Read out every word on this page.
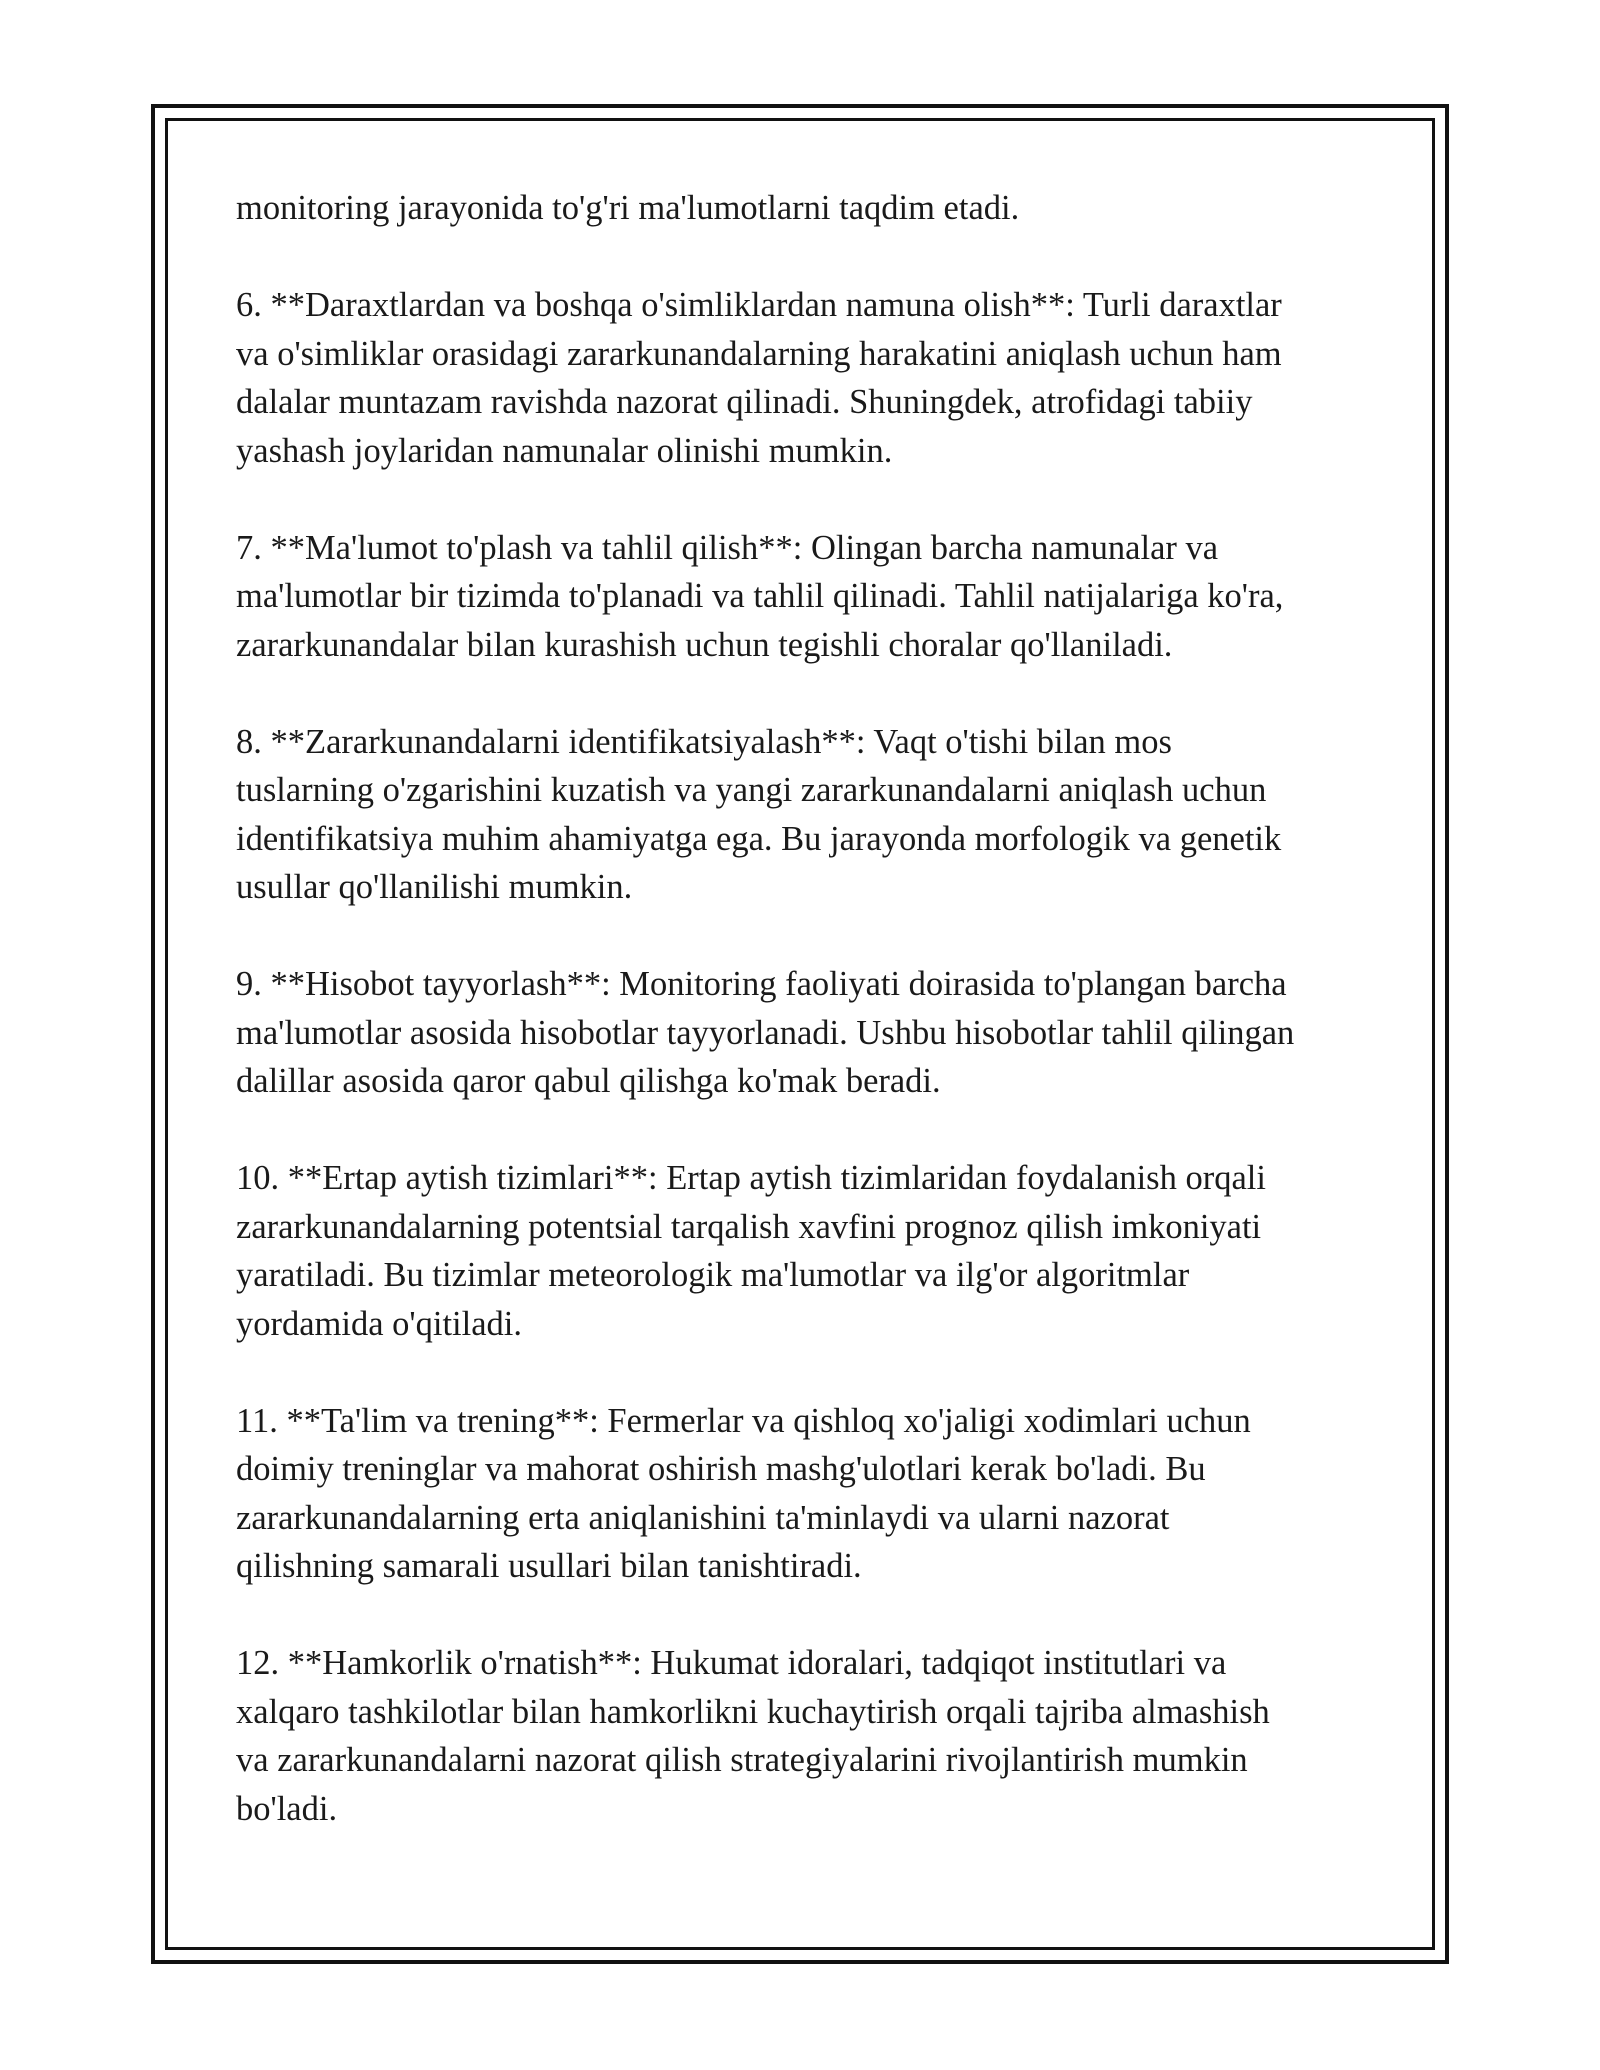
monitoring jarayonida to'g'ri ma'lumotlarni taqdim etadi.

6. **Daraxtlardan va boshqa o'simliklardan namuna olish**: Turli daraxtlar
va o'simliklar orasidagi zararkunandalarning harakatini aniqlash uchun ham
dalalar muntazam ravishda nazorat qilinadi. Shuningdek, atrofidagi tabiiy
yashash joylaridan namunalar olinishi mumkin.

7. **Ma'lumot to'plash va tahlil qilish**: Olingan barcha namunalar va
ma'lumotlar bir tizimda to'planadi va tahlil qilinadi. Tahlil natijalariga ko'ra,
zararkunandalar bilan kurashish uchun tegishli choralar qo'llaniladi.

8. **Zararkunandalarni identifikatsiyalash**: Vaqt o'tishi bilan mos
tuslarning o'zgarishini kuzatish va yangi zararkunandalarni aniqlash uchun
identifikatsiya muhim ahamiyatga ega. Bu jarayonda morfologik va genetik
usullar qo'llanilishi mumkin.

9. **Hisobot tayyorlash**: Monitoring faoliyati doirasida to'plangan barcha
ma'lumotlar asosida hisobotlar tayyorlanadi. Ushbu hisobotlar tahlil qilingan
dalillar asosida qaror qabul qilishga ko'mak beradi.

10. **Ertap aytish tizimlari**: Ertap aytish tizimlaridan foydalanish orqali
zararkunandalarning potentsial tarqalish xavfini prognoz qilish imkoniyati
yaratiladi. Bu tizimlar meteorologik ma'lumotlar va ilg'or algoritmlar
yordamida o'qitiladi.

11. **Ta'lim va trening**: Fermerlar va qishloq xo'jaligi xodimlari uchun
doimiy treninglar va mahorat oshirish mashg'ulotlari kerak bo'ladi. Bu
zararkunandalarning erta aniqlanishini ta'minlaydi va ularni nazorat
qilishning samarali usullari bilan tanishtiradi.

12. **Hamkorlik o'rnatish**: Hukumat idoralari, tadqiqot institutlari va
xalqaro tashkilotlar bilan hamkorlikni kuchaytirish orqali tajriba almashish
va zararkunandalarni nazorat qilish strategiyalarini rivojlantirish mumkin
bo'ladi.
